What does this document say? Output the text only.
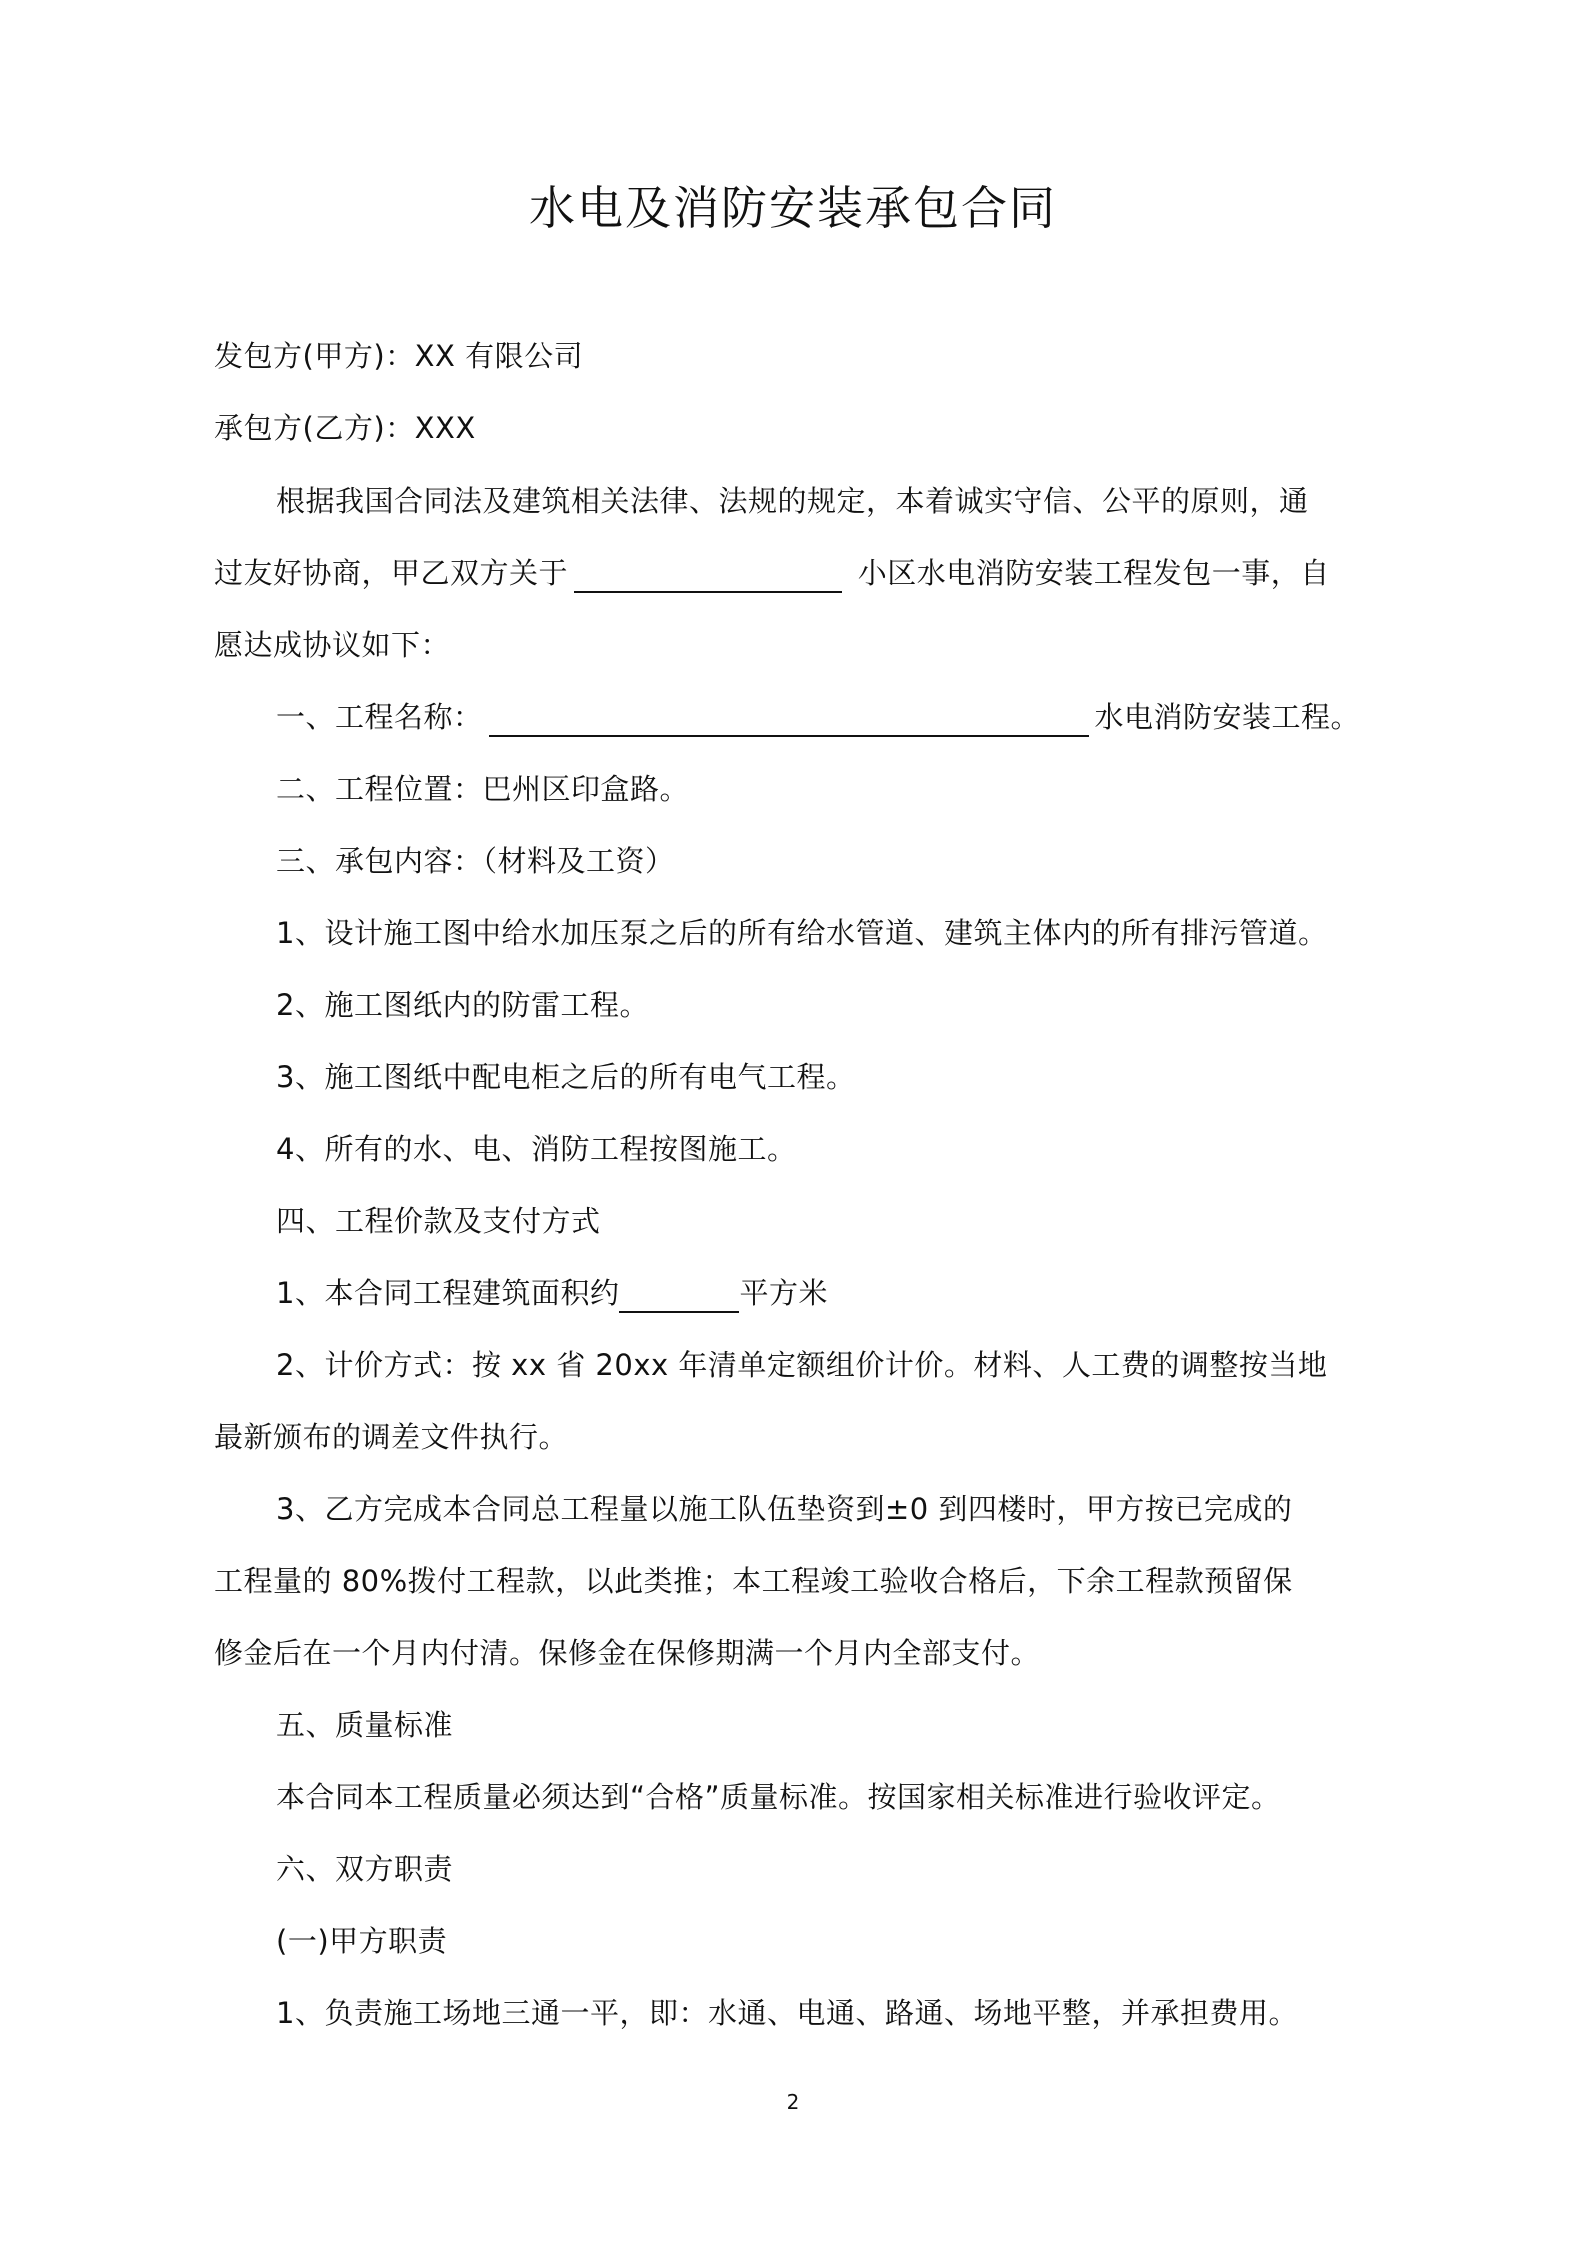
水电及消防安装承包合同
发包方(甲方)：XX 有限公司
承包方(乙方)：XXX
根据我国合同法及建筑相关法律、法规的规定，本着诚实守信、公平的原则，通
过友好协商，甲乙双方关于	小区水电消防安装工程发包一事，自
愿达成协议如下：
一、工程名称：	水电消防安装工程。
二、工程位置：巴州区印盒路。
三、承包内容：（材料及工资）
1、设计施工图中给水加压泵之后的所有给水管道、建筑主体内的所有排污管道。
2、施工图纸内的防雷工程。
3、施工图纸中配电柜之后的所有电气工程。
4、所有的水、电、消防工程按图施工。
四、工程价款及支付方式
1、本合同工程建筑面积约	平方米
2、计价方式：按 xx 省 20xx 年清单定额组价计价。材料、人工费的调整按当地
最新颁布的调差文件执行。
3、乙方完成本合同总工程量以施工队伍垫资到±0 到四楼时，甲方按已完成的
工程量的 80%拨付工程款，以此类推；本工程竣工验收合格后，下余工程款预留保
修金后在一个月内付清。保修金在保修期满一个月内全部支付。
五、质量标准
本合同本工程质量必须达到“合格”质量标准。按国家相关标准进行验收评定。
六、双方职责
(一)甲方职责
1、负责施工场地三通一平，即：水通、电通、路通、场地平整，并承担费用。
2
